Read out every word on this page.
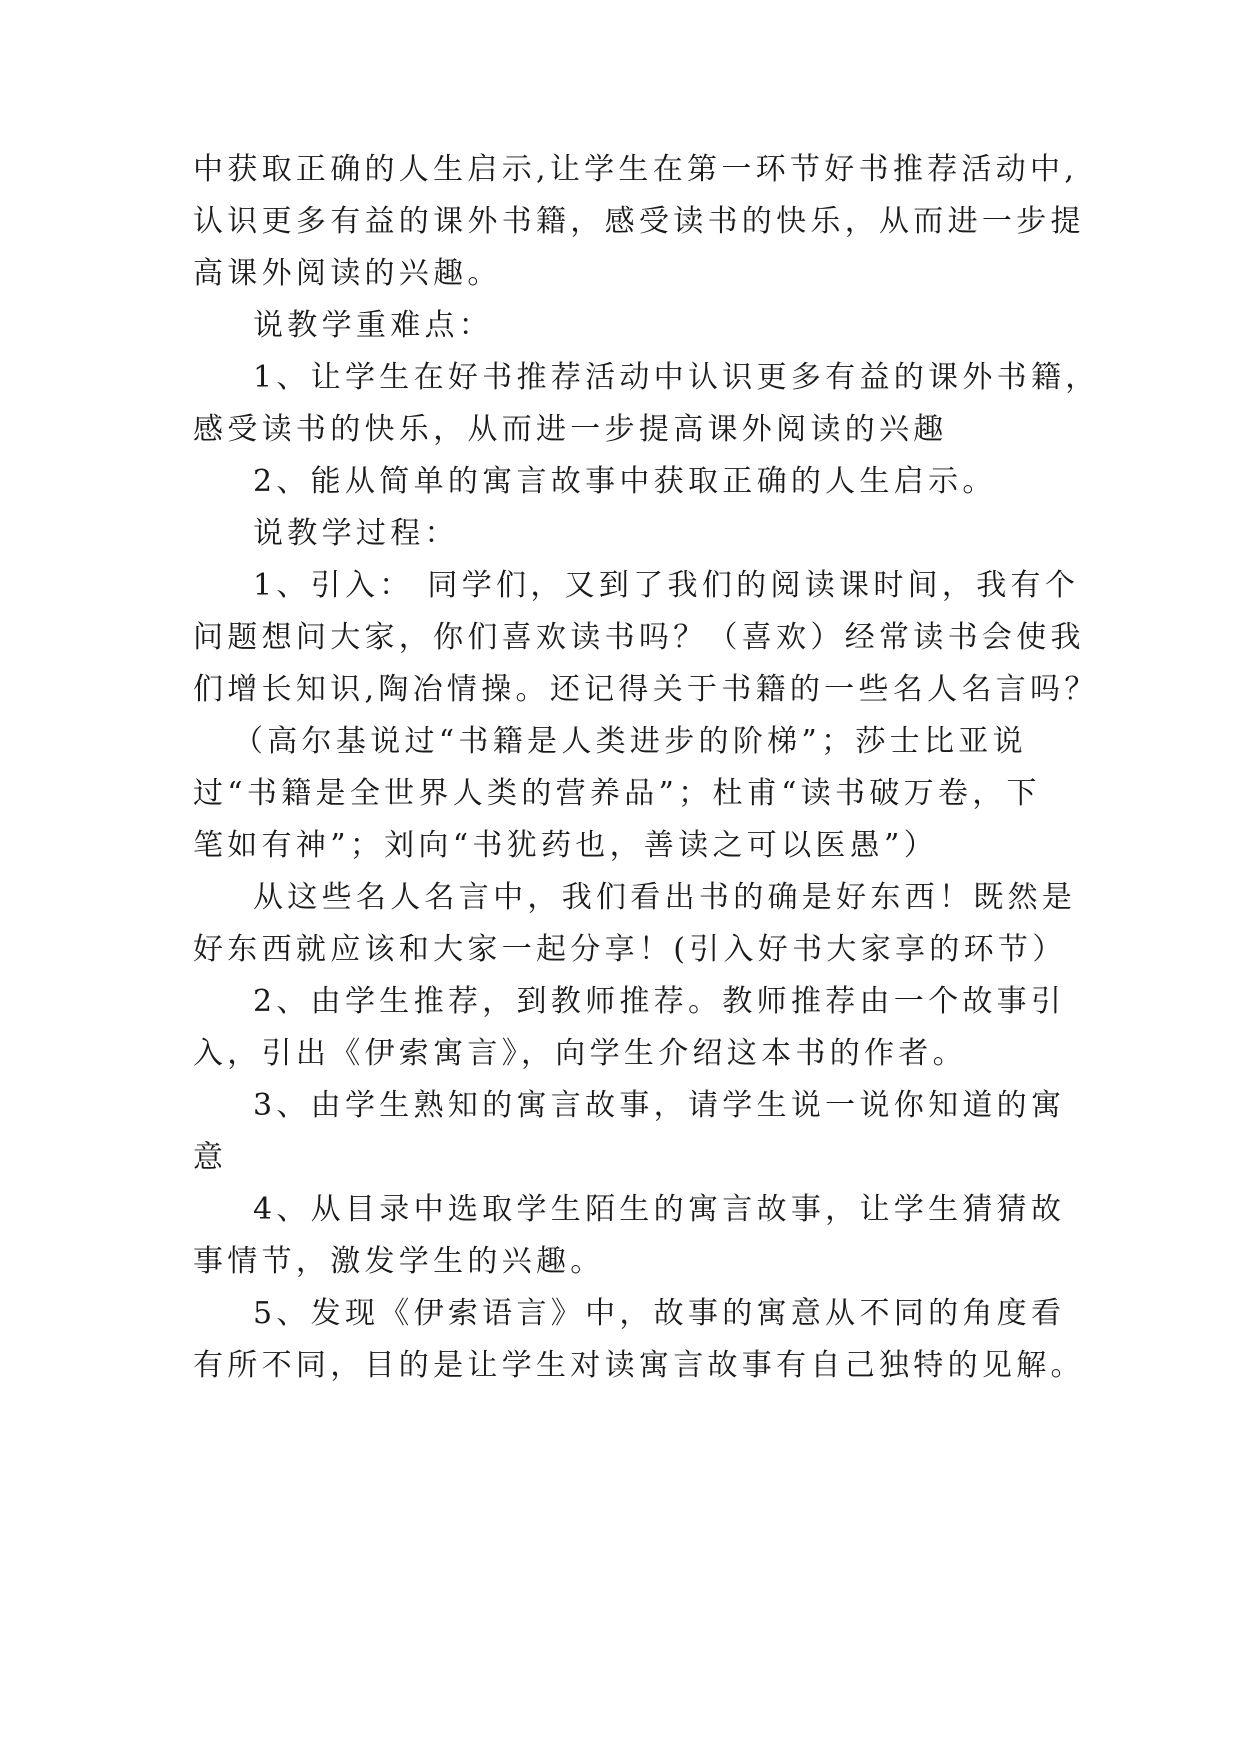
中获取正确的人生启示,让学生在第一环节好书推荐活动中,
认识更多有益的课外书籍，感受读书的快乐，从而进一步提
高课外阅读的兴趣。
说教学重难点：
1、让学生在好书推荐活动中认识更多有益的课外书籍，
感受读书的快乐，从而进一步提高课外阅读的兴趣
2、能从简单的寓言故事中获取正确的人生启示。
说教学过程：
1、引入： 同学们，又到了我们的阅读课时间，我有个
问题想问大家，你们喜欢读书吗？（喜欢）经常读书会使我
们增长知识,陶冶情操。还记得关于书籍的一些名人名言吗？
（高尔基说过“书籍是人类进步的阶梯”；莎士比亚说
过“书籍是全世界人类的营养品”；杜甫“读书破万卷，下
笔如有神”；刘向“书犹药也，善读之可以医愚”）
从这些名人名言中，我们看出书的确是好东西！既然是
好东西就应该和大家一起分享！(引入好书大家享的环节）
2、由学生推荐，到教师推荐。教师推荐由一个故事引
入，引出《伊索寓言》，向学生介绍这本书的作者。
3、由学生熟知的寓言故事，请学生说一说你知道的寓
意
4、从目录中选取学生陌生的寓言故事，让学生猜猜故
事情节，激发学生的兴趣。
5、发现《伊索语言》中，故事的寓意从不同的角度看
有所不同，目的是让学生对读寓言故事有自己独特的见解。
